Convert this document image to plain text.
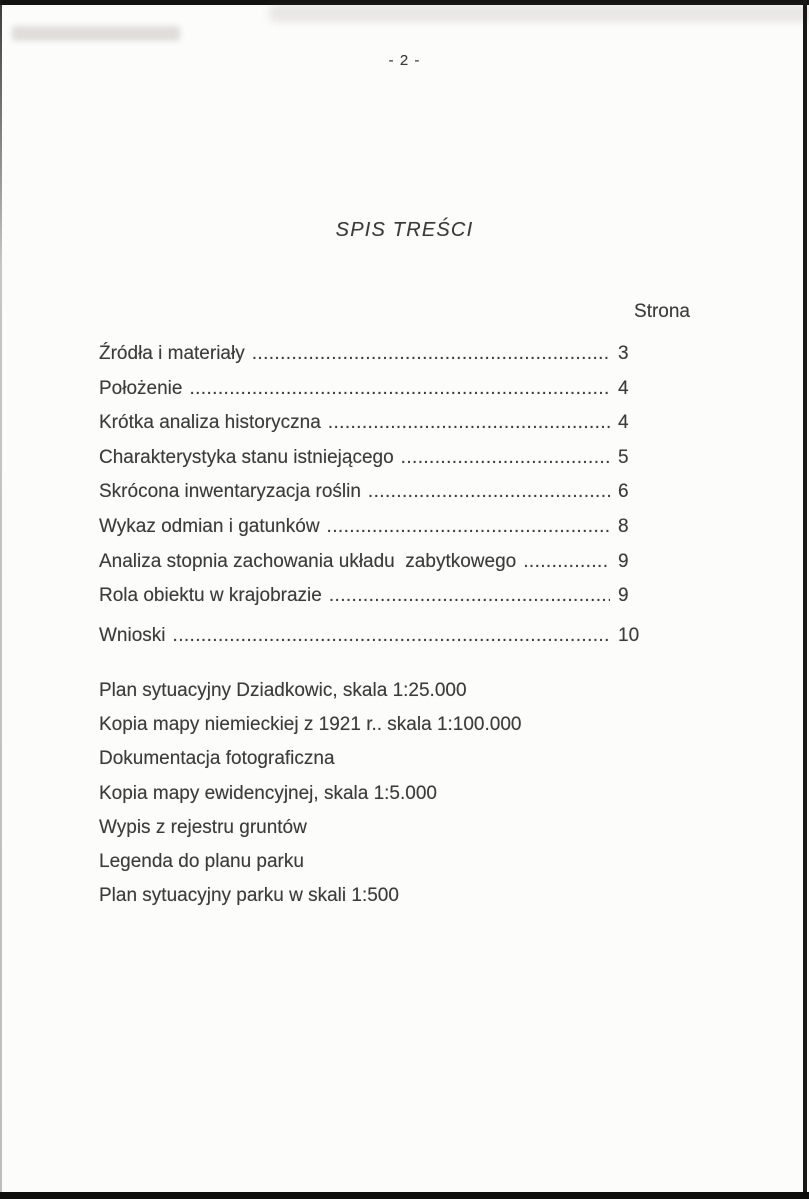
- 2 -
SPIS TREŚCI
Strona
Źródła i materiały .....	3
Położenie .....	4
Krótka analiza historyczna .....	4
Charakterystyka stanu istniejącego .....	5
Skrócona inwentaryzacja roślin .....	6
Wykaz odmian i gatunków .....	8
Analiza stopnia zachowania układu  zabytkowego .....	9
Rola obiektu w krajobrazie .....	9
Wnioski .....	10
Plan sytuacyjny Dziadkowic, skala 1:25.000
Kopia mapy niemieckiej z 1921 r.. skala 1:100.000
Dokumentacja fotograficzna
Kopia mapy ewidencyjnej, skala 1:5.000
Wypis z rejestru gruntów
Legenda do planu parku
Plan sytuacyjny parku w skali 1:500
